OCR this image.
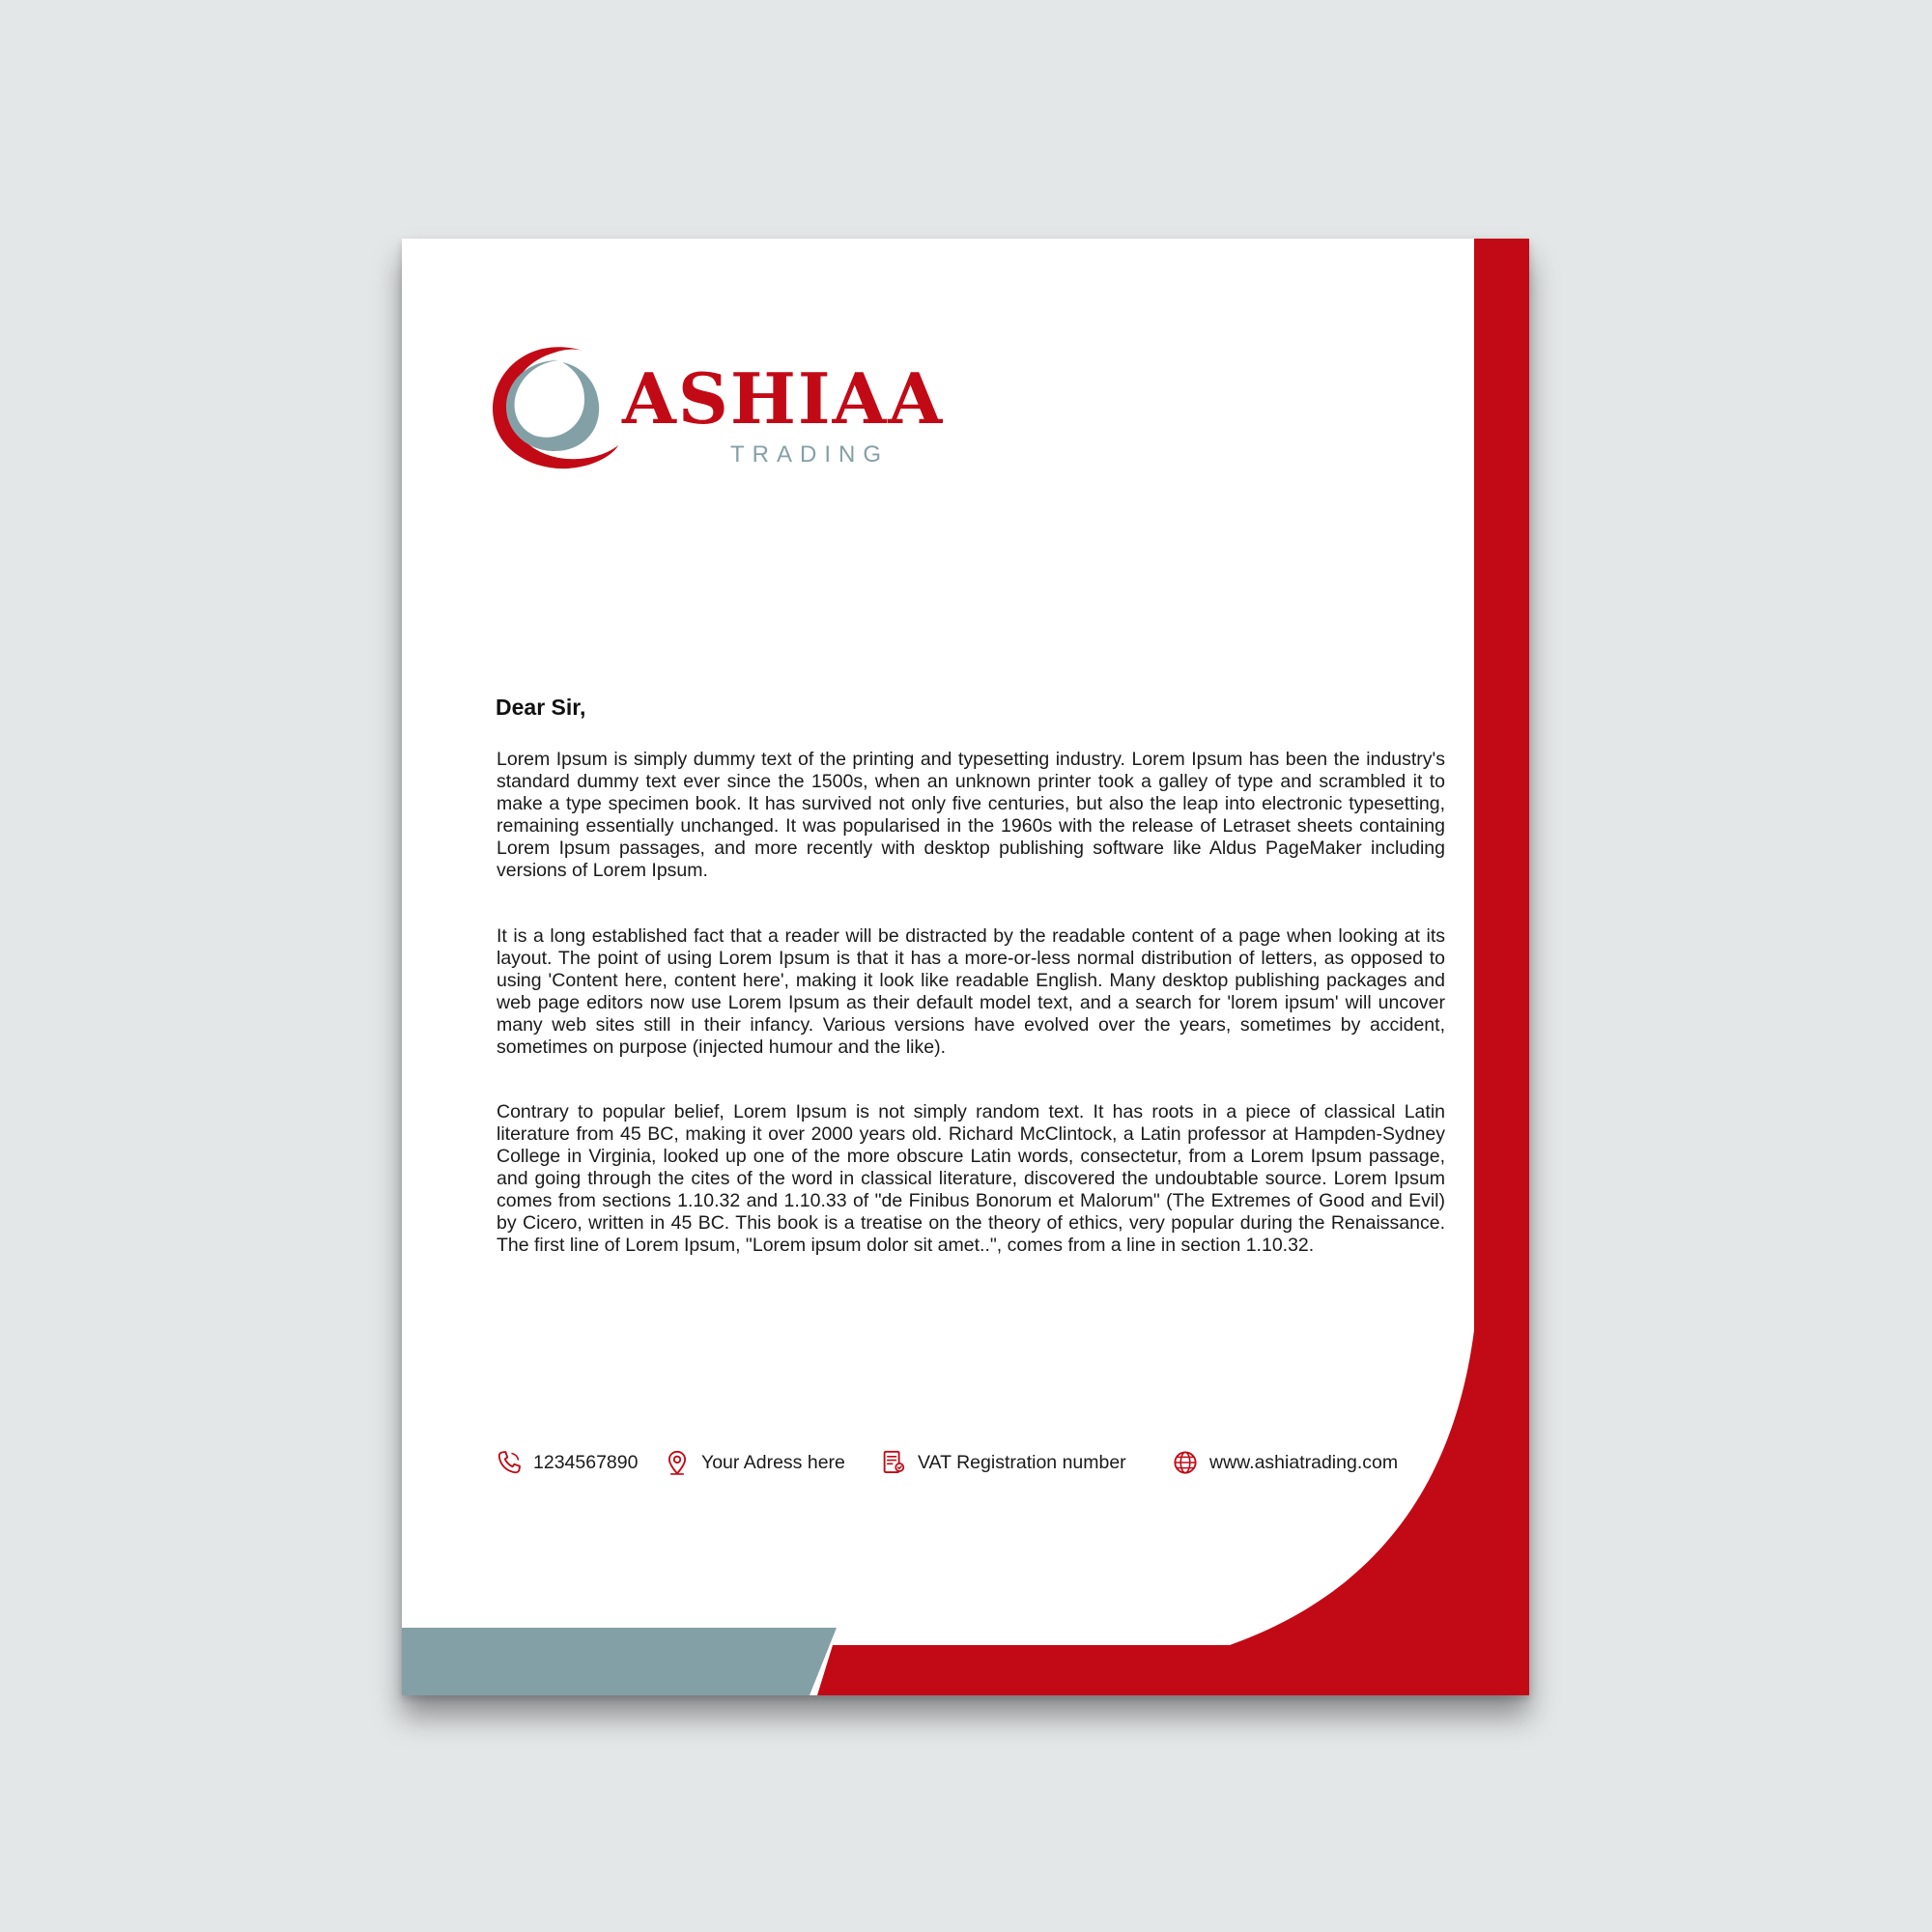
ASHIAA
TRADING
Dear Sir,

Lorem Ipsum is simply dummy text of the printing and typesetting industry. Lorem Ipsum has been the industry's standard dummy text ever since the 1500s, when an unknown printer took a galley of type and scrambled it to make a type specimen book. It has survived not only five centuries, but also the leap into electronic typesetting, remaining essentially unchanged. It was popularised in the 1960s with the release of Letraset sheets containing Lorem Ipsum passages, and more recently with desktop publishing software like Aldus PageMaker including versions of Lorem Ipsum.

It is a long established fact that a reader will be distracted by the readable content of a page when looking at its layout. The point of using Lorem Ipsum is that it has a more-or-less normal distribution of letters, as opposed to using 'Content here, content here', making it look like readable English. Many desktop publishing packages and web page editors now use Lorem Ipsum as their default model text, and a search for 'lorem ipsum' will uncover many web sites still in their infancy. Various versions have evolved over the years, sometimes by accident, sometimes on purpose (injected humour and the like).

Contrary to popular belief, Lorem Ipsum is not simply random text. It has roots in a piece of classical Latin literature from 45 BC, making it over 2000 years old. Richard McClintock, a Latin professor at Hampden-Sydney College in Virginia, looked up one of the more obscure Latin words, consectetur, from a Lorem Ipsum passage, and going through the cites of the word in classical literature, discovered the undoubtable source. Lorem Ipsum comes from sections 1.10.32 and 1.10.33 of "de Finibus Bonorum et Malorum" (The Extremes of Good and Evil) by Cicero, written in 45 BC. This book is a treatise on the theory of ethics, very popular during the Renaissance. The first line of Lorem Ipsum, "Lorem ipsum dolor sit amet..", comes from a line in section 1.10.32.

1234567890	Your Adress here	VAT Registration number	www.ashiatrading.com
